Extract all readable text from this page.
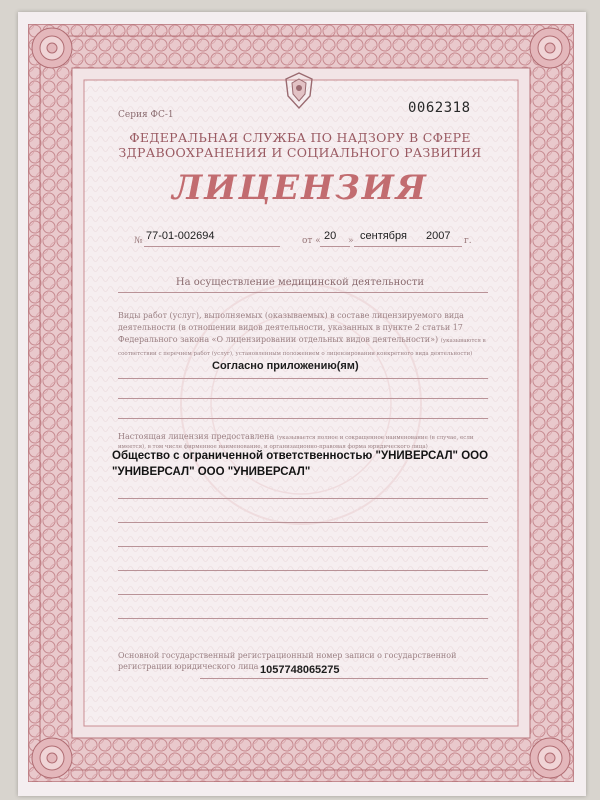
Серия ФС-1	0062318
ФЕДЕРАЛЬНАЯ СЛУЖБА ПО НАДЗОРУ В СФЕРЕ ЗДРАВООХРАНЕНИЯ И СОЦИАЛЬНОГО РАЗВИТИЯ
ЛИЦЕНЗИЯ
№ 77-01-002694	от « 20 » сентября 2007 г.
На осуществление медицинской деятельности
Виды работ (услуг), выполняемых (оказываемых) в составе лицензируемого вида деятельности (в отношении видов деятельности, указанных в пункте 2 статьи 17 Федерального закона «О лицензировании отдельных видов деятельности») (указываются в соответствии с перечнем работ (услуг), установленным положением о лицензировании конкретного вида деятельности)
Согласно приложению(ям)
Настоящая лицензия предоставлена (указывается полное и сокращенное наименование (в случае, если имеется), в том числе фирменное наименование, и организационно-правовая форма юридического лица)
Общество с ограниченной ответственностью "УНИВЕРСАЛ" ООО "УНИВЕРСАЛ" ООО "УНИВЕРСАЛ"
Основной государственный регистрационный номер записи о государственной регистрации юридического лица 1057748065275
